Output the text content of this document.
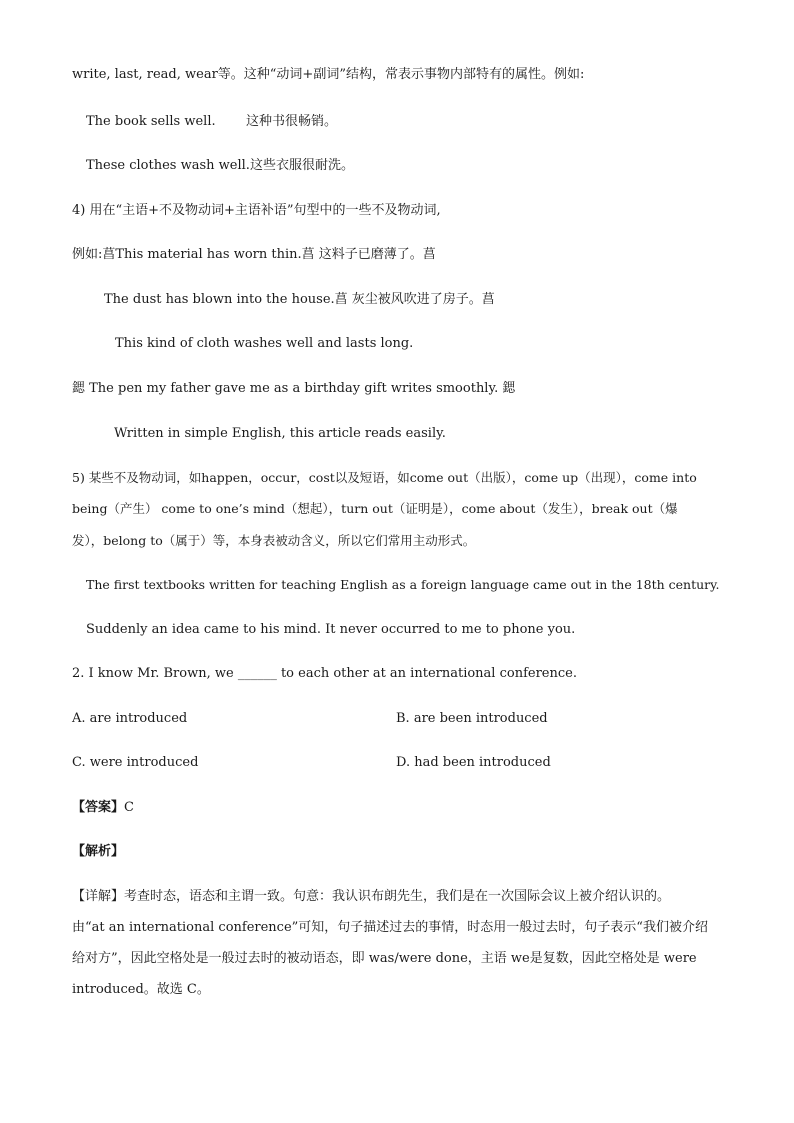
write, last, read, wear等。这种“动词+副词”结构，常表示事物内部特有的属性。例如:
The book sells well. 这种书很畅销。
These clothes wash well. 这些衣服很耐洗。
4) 用在“主语+不及物动词+主语补语”句型中的一些不及物动词,
例如:菖This material has worn thin.菖 这料子已磨薄了。菖
The dust has blown into the house.菖 灰尘被风吹进了房子。菖
This kind of cloth washes well and lasts long.
鍶 The pen my father gave me as a birthday gift writes smoothly. 鍶
Written in simple English, this article reads easily.
5) 某些不及物动词，如happen，occur，cost以及短语，如come out（出版），come up（出现），come into
being（产生） come to one’s mind（想起），turn out（证明是），come about（发生），break out（爆
发），belong to（属于）等，本身表被动含义，所以它们常用主动形式。
The first textbooks written for teaching English as a foreign language came out in the 18th century.
Suddenly an idea came to his mind. It never occurred to me to phone you.
2. I know Mr. Brown, we ______ to each other at an international conference.
A. are introduced	B. are been introduced
C. were introduced	D. had been introduced
【答案】C
【解析】
【详解】考查时态，语态和主谓一致。句意：我认识布朗先生，我们是在一次国际会议上被介绍认识的。
由“at an international conference”可知，句子描述过去的事情，时态用一般过去时，句子表示“我们被介绍
给对方”，因此空格处是一般过去时的被动语态，即 was/were done，主语 we是复数，因此空格处是 were
introduced。故选 C。
